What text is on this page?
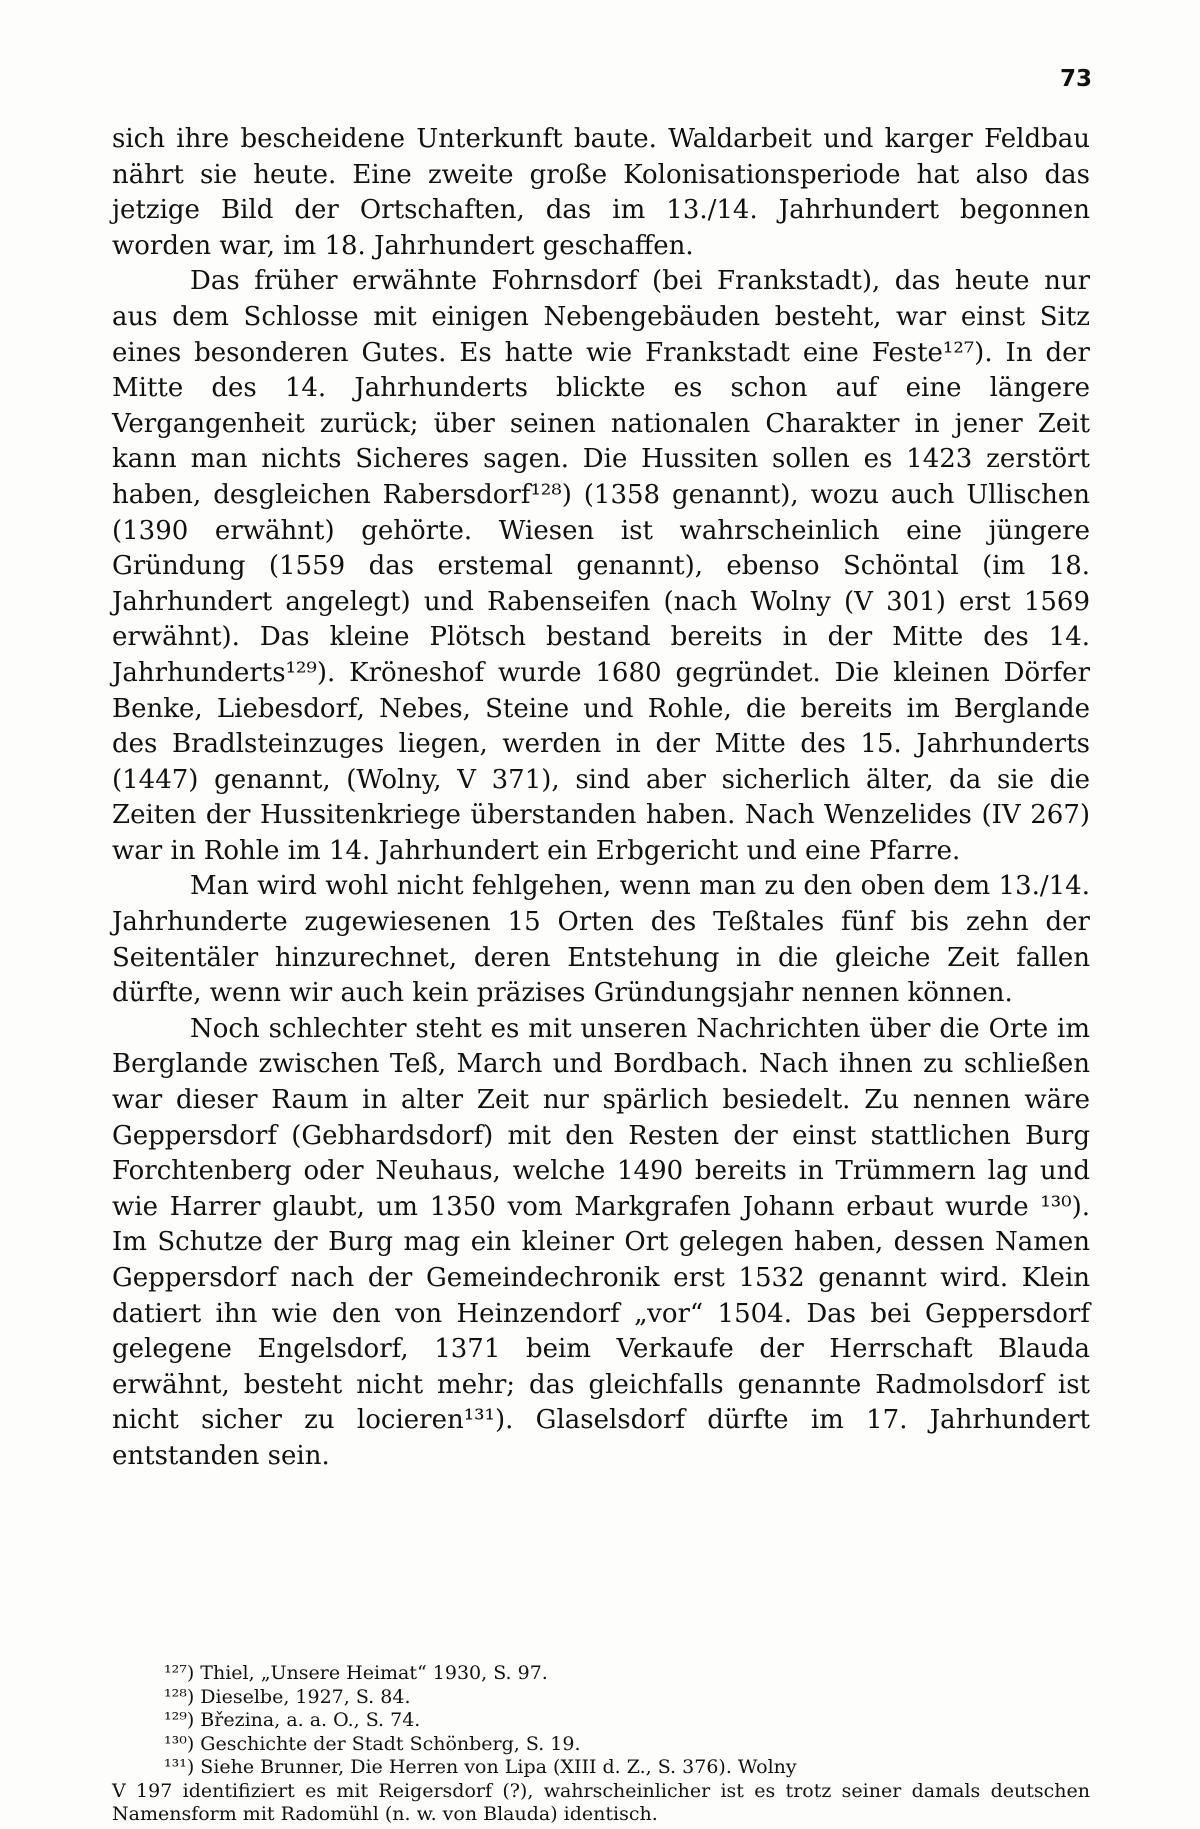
73

sich ihre bescheidene Unterkunft baute. Waldarbeit und karger Feldbau nährt sie heute. Eine zweite große Kolonisationsperiode hat also das jetzige Bild der Ortschaften, das im 13./14. Jahrhundert begonnen worden war, im 18. Jahrhundert geschaffen.

Das früher erwähnte Fohrnsdorf (bei Frankstadt), das heute nur aus dem Schlosse mit einigen Nebengebäuden besteht, war einst Sitz eines besonderen Gutes. Es hatte wie Frankstadt eine Feste¹²⁷). In der Mitte des 14. Jahrhunderts blickte es schon auf eine längere Vergangenheit zurück; über seinen nationalen Charakter in jener Zeit kann man nichts Sicheres sagen. Die Hussiten sollen es 1423 zerstört haben, desgleichen Rabersdorf¹²⁸) (1358 genannt), wozu auch Ullischen (1390 erwähnt) gehörte. Wiesen ist wahrscheinlich eine jüngere Gründung (1559 das erstemal genannt), ebenso Schöntal (im 18. Jahrhundert angelegt) und Rabenseifen (nach Wolny (V 301) erst 1569 erwähnt). Das kleine Plötsch bestand bereits in der Mitte des 14. Jahrhunderts¹²⁹). Kröneshof wurde 1680 gegründet. Die kleinen Dörfer Benke, Liebesdorf, Nebes, Steine und Rohle, die bereits im Berglande des Bradlsteinzuges liegen, werden in der Mitte des 15. Jahrhunderts (1447) genannt, (Wolny, V 371), sind aber sicherlich älter, da sie die Zeiten der Hussitenkriege überstanden haben. Nach Wenzelides (IV 267) war in Rohle im 14. Jahrhundert ein Erbgericht und eine Pfarre.

Man wird wohl nicht fehlgehen, wenn man zu den oben dem 13./14. Jahrhunderte zugewiesenen 15 Orten des Teßtales fünf bis zehn der Seitentäler hinzurechnet, deren Entstehung in die gleiche Zeit fallen dürfte, wenn wir auch kein präzises Gründungsjahr nennen können.

Noch schlechter steht es mit unseren Nachrichten über die Orte im Berglande zwischen Teß, March und Bordbach. Nach ihnen zu schließen war dieser Raum in alter Zeit nur spärlich besiedelt. Zu nennen wäre Geppersdorf (Gebhardsdorf) mit den Resten der einst stattlichen Burg Forchtenberg oder Neuhaus, welche 1490 bereits in Trümmern lag und wie Harrer glaubt, um 1350 vom Markgrafen Johann erbaut wurde ¹³⁰). Im Schutze der Burg mag ein kleiner Ort gelegen haben, dessen Namen Geppersdorf nach der Gemeindechronik erst 1532 genannt wird. Klein datiert ihn wie den von Heinzendorf „vor“ 1504. Das bei Geppersdorf gelegene Engelsdorf, 1371 beim Verkaufe der Herrschaft Blauda erwähnt, besteht nicht mehr; das gleichfalls genannte Radmolsdorf ist nicht sicher zu locieren¹³¹). Glaselsdorf dürfte im 17. Jahrhundert entstanden sein.

¹²⁷) Thiel, „Unsere Heimat“ 1930, S. 97.

¹²⁸) Dieselbe, 1927, S. 84.

¹²⁹) Březina, a. a. O., S. 74.

¹³⁰) Geschichte der Stadt Schönberg, S. 19.

¹³¹) Siehe Brunner, Die Herren von Lipa (XIII d. Z., S. 376). Wolny

V 197 identifiziert es mit Reigersdorf (?), wahrscheinlicher ist es trotz seiner damals deutschen Namensform mit Radomühl (n. w. von Blauda) identisch.
